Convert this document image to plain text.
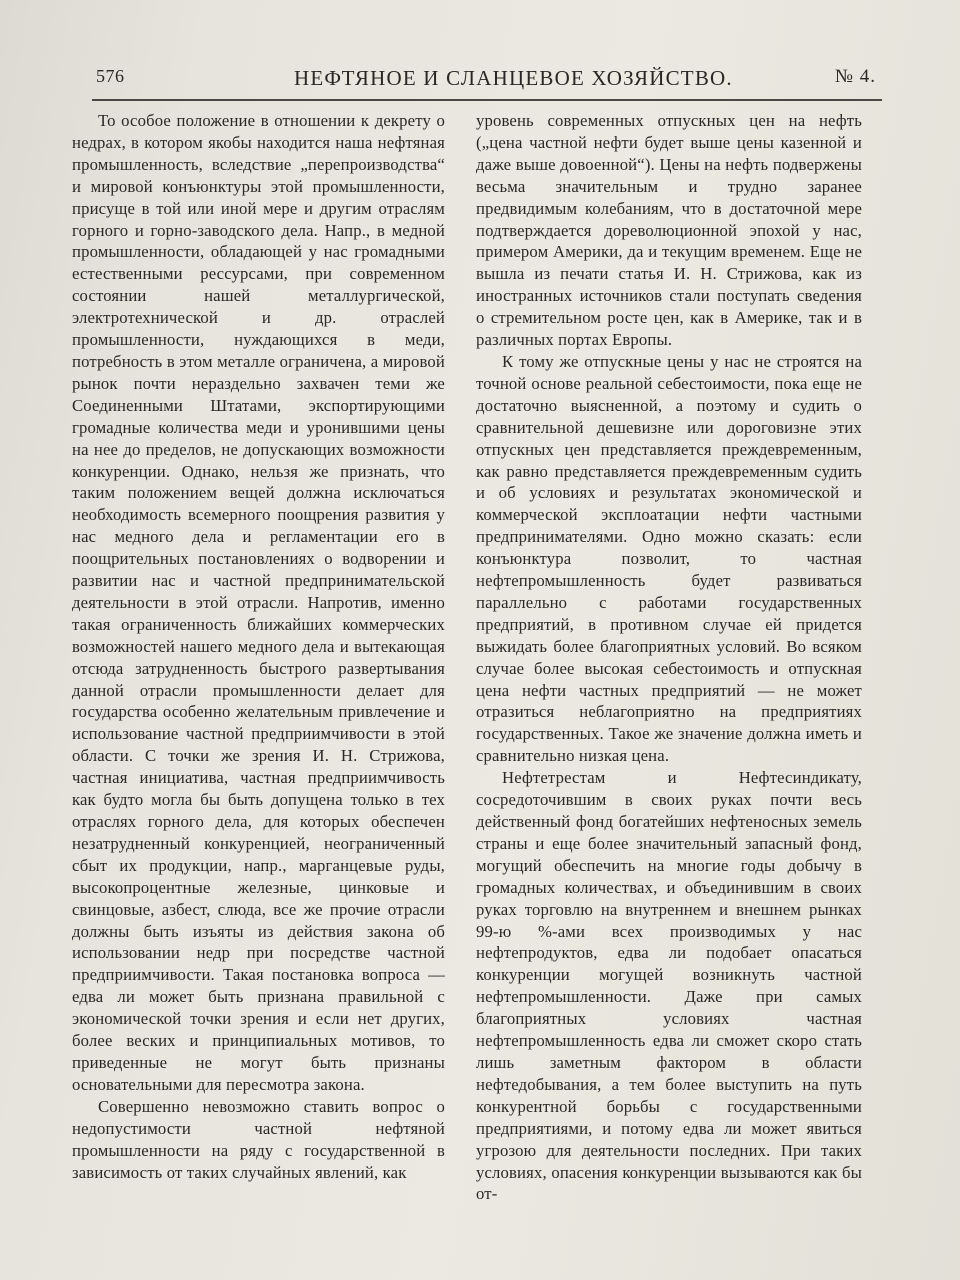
576	НЕФТЯНОЕ И СЛАНЦЕВОЕ ХОЗЯЙСТВО.	№ 4.

То особое положение в отношении к декрету о недрах, в котором якобы находится наша нефтяная промышленность, вследствие „перепроизводства“ и мировой конъюнктуры этой промышленности, присуще в той или иной мере и другим отраслям горного и горно-заводского дела. Напр., в медной промышленности, обладающей у нас громадными естественными рессурсами, при современном состоянии нашей металлургической, электротехнической и др. отраслей промышленности, нуждающихся в меди, потребность в этом металле ограничена, а мировой рынок почти нераздельно захвачен теми же Соединенными Штатами, экспортирующими громадные количества меди и уронившими цены на нее до пределов, не допускающих возможности конкуренции. Однако, нельзя же признать, что таким положением вещей должна исключаться необходимость всемерного поощрения развития у нас медного дела и регламентации его в поощрительных постановлениях о водворении и развитии нас и частной предпринимательской деятельности в этой отрасли. Напротив, именно такая ограниченность ближайших коммерческих возможностей нашего медного дела и вытекающая отсюда затрудненность быстрого развертывания данной отрасли промышленности делает для государства особенно желательным привлечение и использование частной предприимчивости в этой области. С точки же зрения И. Н. Стрижова, частная инициатива, частная предприимчивость как будто могла бы быть допущена только в тех отраслях горного дела, для которых обеспечен незатрудненный конкуренцией, неограниченный сбыт их продукции, напр., марганцевые руды, высокопроцентные железные, цинковые и свинцовые, азбест, слюда, все же прочие отрасли должны быть изъяты из действия закона об использовании недр при посредстве частной предприимчивости. Такая постановка вопроса — едва ли может быть признана правильной с экономической точки зрения и если нет других, более веских и принципиальных мотивов, то приведенные не могут быть признаны основательными для пересмотра закона.

Совершенно невозможно ставить вопрос о недопустимости частной нефтяной промышленности на ряду с государственной в зависимость от таких случайных явлений, как

уровень современных отпускных цен на нефть („цена частной нефти будет выше цены казенной и даже выше довоенной“). Цены на нефть подвержены весьма значительным и трудно заранее предвидимым колебаниям, что в достаточной мере подтверждается дореволюционной эпохой у нас, примером Америки, да и текущим временем. Еще не вышла из печати статья И. Н. Стрижова, как из иностранных источников стали поступать сведения о стремительном росте цен, как в Америке, так и в различных портах Европы.

К тому же отпускные цены у нас не строятся на точной основе реальной себестоимости, пока еще не достаточно выясненной, а поэтому и судить о сравнительной дешевизне или дороговизне этих отпускных цен представляется преждевременным, как равно представляется преждевременным судить и об условиях и результатах экономической и коммерческой эксплоатации нефти частными предпринимателями. Одно можно сказать: если конъюнктура позволит, то частная нефтепромышленность будет развиваться параллельно с работами государственных предприятий, в противном случае ей придется выжидать более благоприятных условий. Во всяком случае более высокая себестоимость и отпускная цена нефти частных предприятий — не может отразиться неблагоприятно на предприятиях государственных. Такое же значение должна иметь и сравнительно низкая цена.

Нефтетрестам и Нефтесиндикату, сосредоточившим в своих руках почти весь действенный фонд богатейших нефтеносных земель страны и еще более значительный запасный фонд, могущий обеспечить на многие годы добычу в громадных количествах, и объединившим в своих руках торговлю на внутреннем и внешнем рынках 99-ю %-ами всех производимых у нас нефтепродуктов, едва ли подобает опасаться конкуренции могущей возникнуть частной нефтепромышленности. Даже при самых благоприятных условиях частная нефтепромышленность едва ли сможет скоро стать лишь заметным фактором в области нефтедобывания, а тем более выступить на путь конкурентной борьбы с государственными предприятиями, и потому едва ли может явиться угрозою для деятельности последних. При таких условиях, опасения конкуренции вызываются как бы от-
